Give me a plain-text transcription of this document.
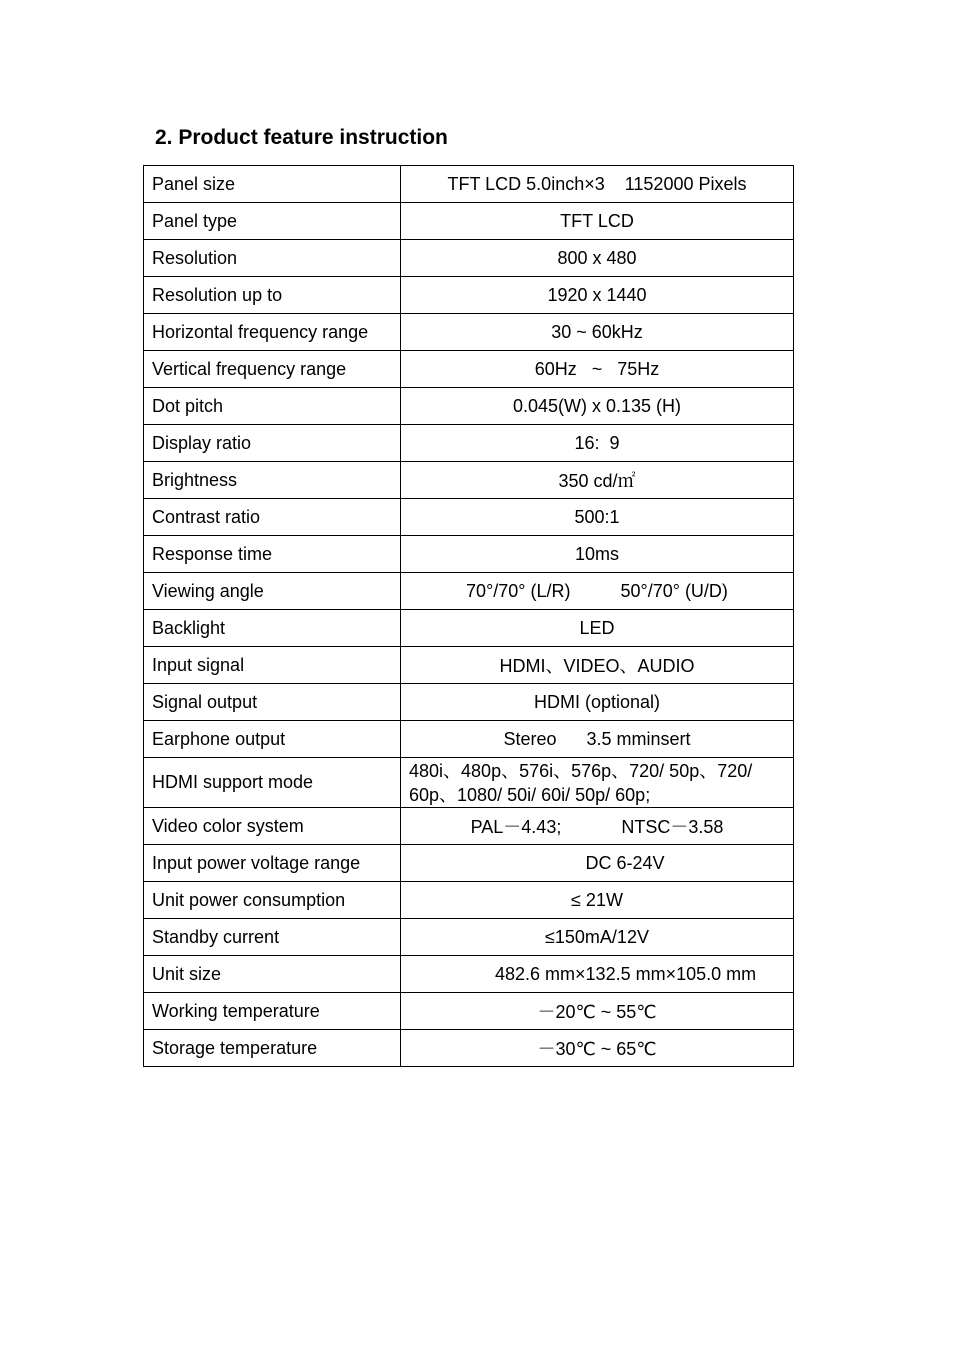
2. Product feature instruction
Panel size	TFT LCD 5.0inch×3    1152000 Pixels
Panel type	TFT LCD
Resolution	800 x 480
Resolution up to	1920 x 1440
Horizontal frequency range	30 ~ 60kHz
Vertical frequency range	60Hz   ~   75Hz
Dot pitch	0.045(W) x 0.135 (H)
Display ratio	16:  9
Brightness	350 cd/㎡
Contrast ratio	500:1
Response time	10ms
Viewing angle	70°/70° (L/R)          50°/70° (U/D)
Backlight	LED
Input signal	HDMI、VIDEO、AUDIO
Signal output	HDMI (optional)
Earphone output	Stereo      3.5 mminsert
HDMI support mode	480i、480p、576i、576p、720/ 50p、720/ 60p、1080/ 50i/ 60i/ 50p/ 60p;
Video color system	PAL－4.43;            NTSC－3.58
Input power voltage range	DC 6-24V
Unit power consumption	≤ 21W
Standby current	≤150mA/12V
Unit size	482.6 mm×132.5 mm×105.0 mm
Working temperature	－20℃ ~ 55℃
Storage temperature	－30℃ ~ 65℃
